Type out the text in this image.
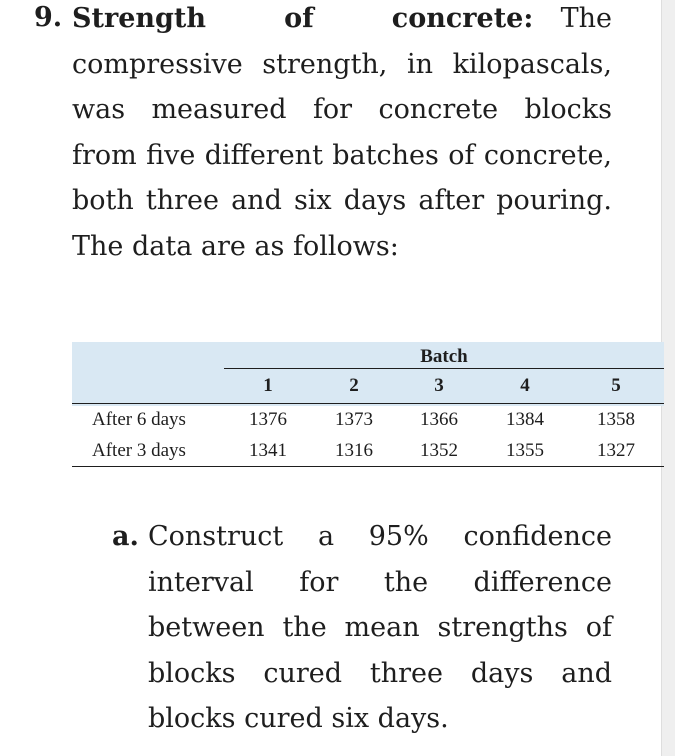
9. Strength of concrete: The compressive strength, in kilopascals, was measured for concrete blocks from five different batches of concrete, both three and six days after pouring. The data are as follows:
	Batch				
	1	2	3	4	5
After 6 days	1376	1373	1366	1384	1358
After 3 days	1341	1316	1352	1355	1327
a. Construct a 95% confidence interval for the difference between the mean strengths of blocks cured three days and blocks cured six days.
